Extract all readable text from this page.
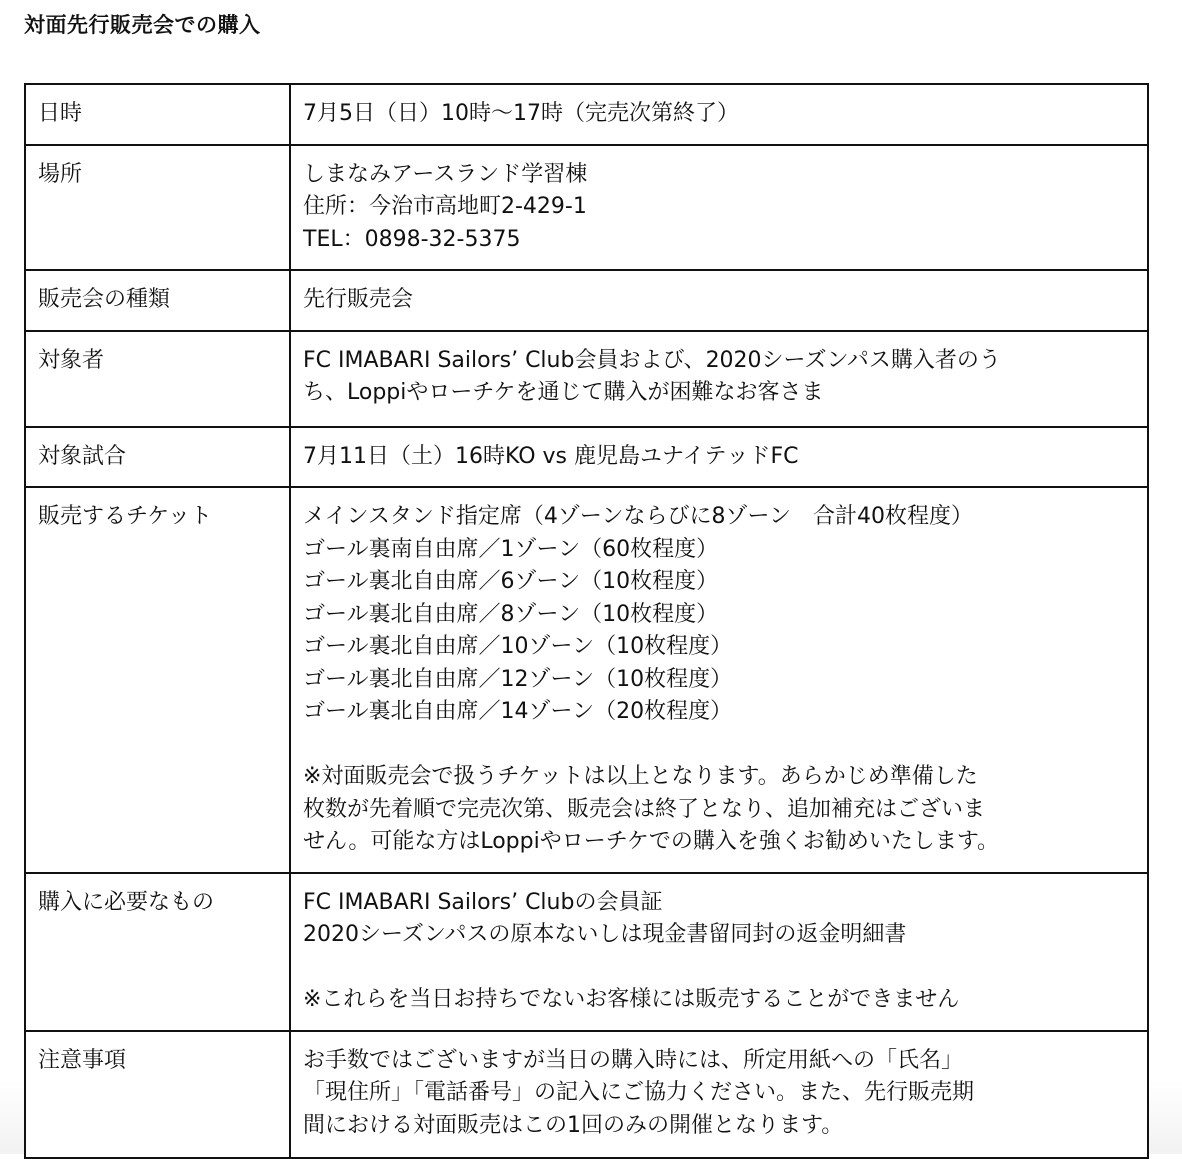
対面先行販売会での購入
日時	7月5日（日）10時〜17時（完売次第終了）

場所	しまなみアースランド学習棟
住所：今治市高地町2-429-1
TEL：0898-32-5375

販売会の種類	先行販売会

対象者	FC IMABARI Sailors’ Club会員および、2020シーズンパス購入者のう
ち、Loppiやローチケを通じて購入が困難なお客さま

対象試合	7月11日（土）16時KO vs 鹿児島ユナイテッドFC

販売するチケット	メインスタンド指定席（4ゾーンならびに8ゾーン　合計40枚程度）
ゴール裏南自由席／1ゾーン（60枚程度）
ゴール裏北自由席／6ゾーン（10枚程度）
ゴール裏北自由席／8ゾーン（10枚程度）
ゴール裏北自由席／10ゾーン（10枚程度）
ゴール裏北自由席／12ゾーン（10枚程度）
ゴール裏北自由席／14ゾーン（20枚程度）
※対面販売会で扱うチケットは以上となります。あらかじめ準備した
枚数が先着順で完売次第、販売会は終了となり、追加補充はございま
せん。可能な方はLoppiやローチケでの購入を強くお勧めいたします。

購入に必要なもの	FC IMABARI Sailors’ Clubの会員証
2020シーズンパスの原本ないしは現金書留同封の返金明細書
※これらを当日お持ちでないお客様には販売することができません

注意事項	お手数ではございますが当日の購入時には、所定用紙への「氏名」
「現住所」「電話番号」の記入にご協力ください。また、先行販売期
間における対面販売はこの1回のみの開催となります。
